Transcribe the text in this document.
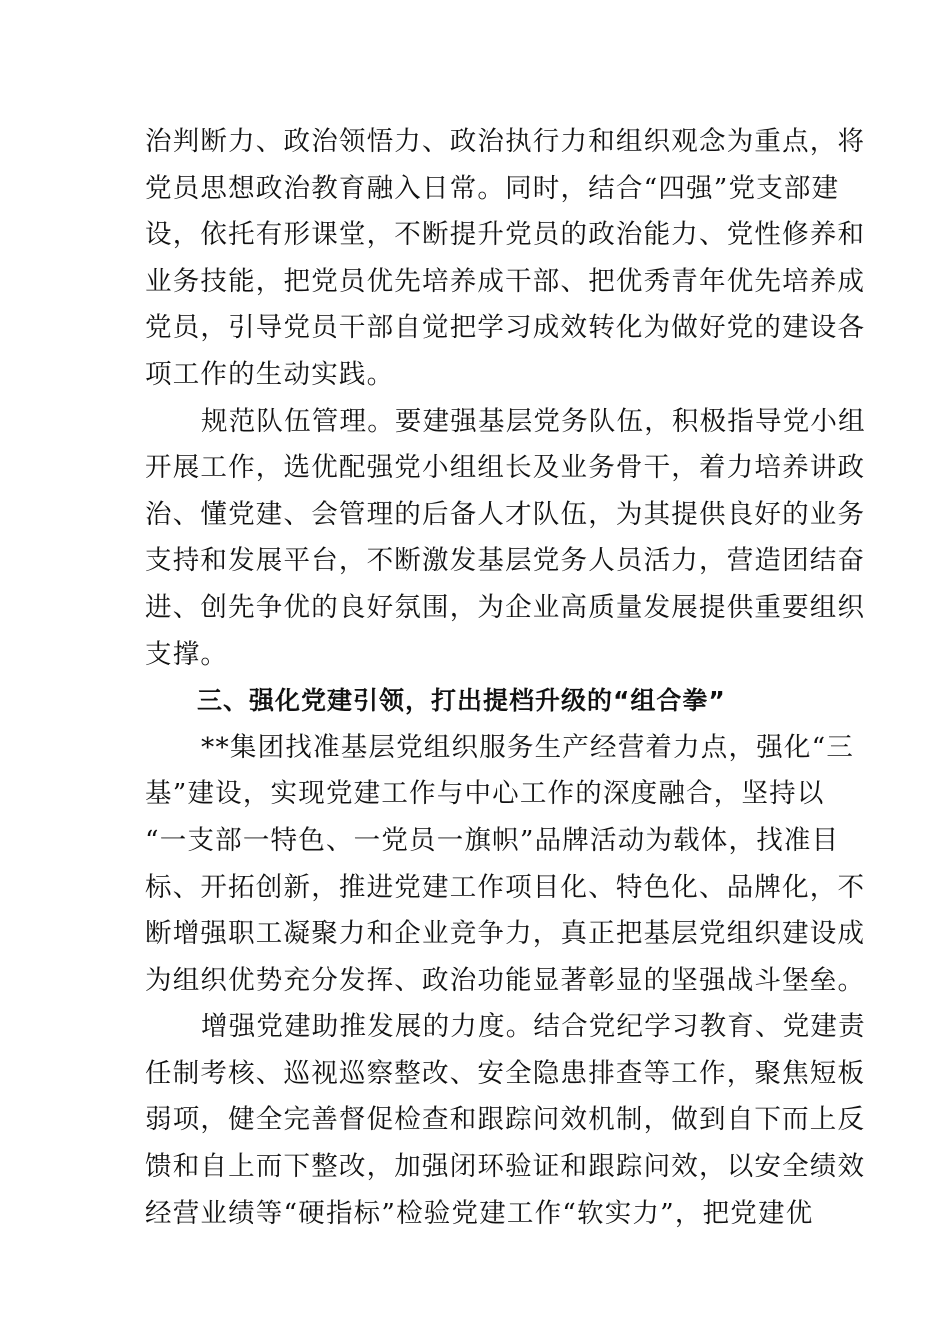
治判断力、政治领悟力、政治执行力和组织观念为重点，将
党员思想政治教育融入日常。同时，结合“四强”党支部建
设，依托有形课堂，不断提升党员的政治能力、党性修养和
业务技能，把党员优先培养成干部、把优秀青年优先培养成
党员，引导党员干部自觉把学习成效转化为做好党的建设各
项工作的生动实践。
规范队伍管理。要建强基层党务队伍，积极指导党小组
开展工作，选优配强党小组组长及业务骨干，着力培养讲政
治、懂党建、会管理的后备人才队伍，为其提供良好的业务
支持和发展平台，不断激发基层党务人员活力，营造团结奋
进、创先争优的良好氛围，为企业高质量发展提供重要组织
支撑。
三、强化党建引领，打出提档升级的“组合拳”
**集团找准基层党组织服务生产经营着力点，强化“三
基”建设，实现党建工作与中心工作的深度融合，坚持以
“一支部一特色、一党员一旗帜”品牌活动为载体，找准目
标、开拓创新，推进党建工作项目化、特色化、品牌化，不
断增强职工凝聚力和企业竞争力，真正把基层党组织建设成
为组织优势充分发挥、政治功能显著彰显的坚强战斗堡垒。
增强党建助推发展的力度。结合党纪学习教育、党建责
任制考核、巡视巡察整改、安全隐患排查等工作，聚焦短板
弱项，健全完善督促检查和跟踪问效机制，做到自下而上反
馈和自上而下整改，加强闭环验证和跟踪问效，以安全绩效
经营业绩等“硬指标”检验党建工作“软实力”，把党建优
